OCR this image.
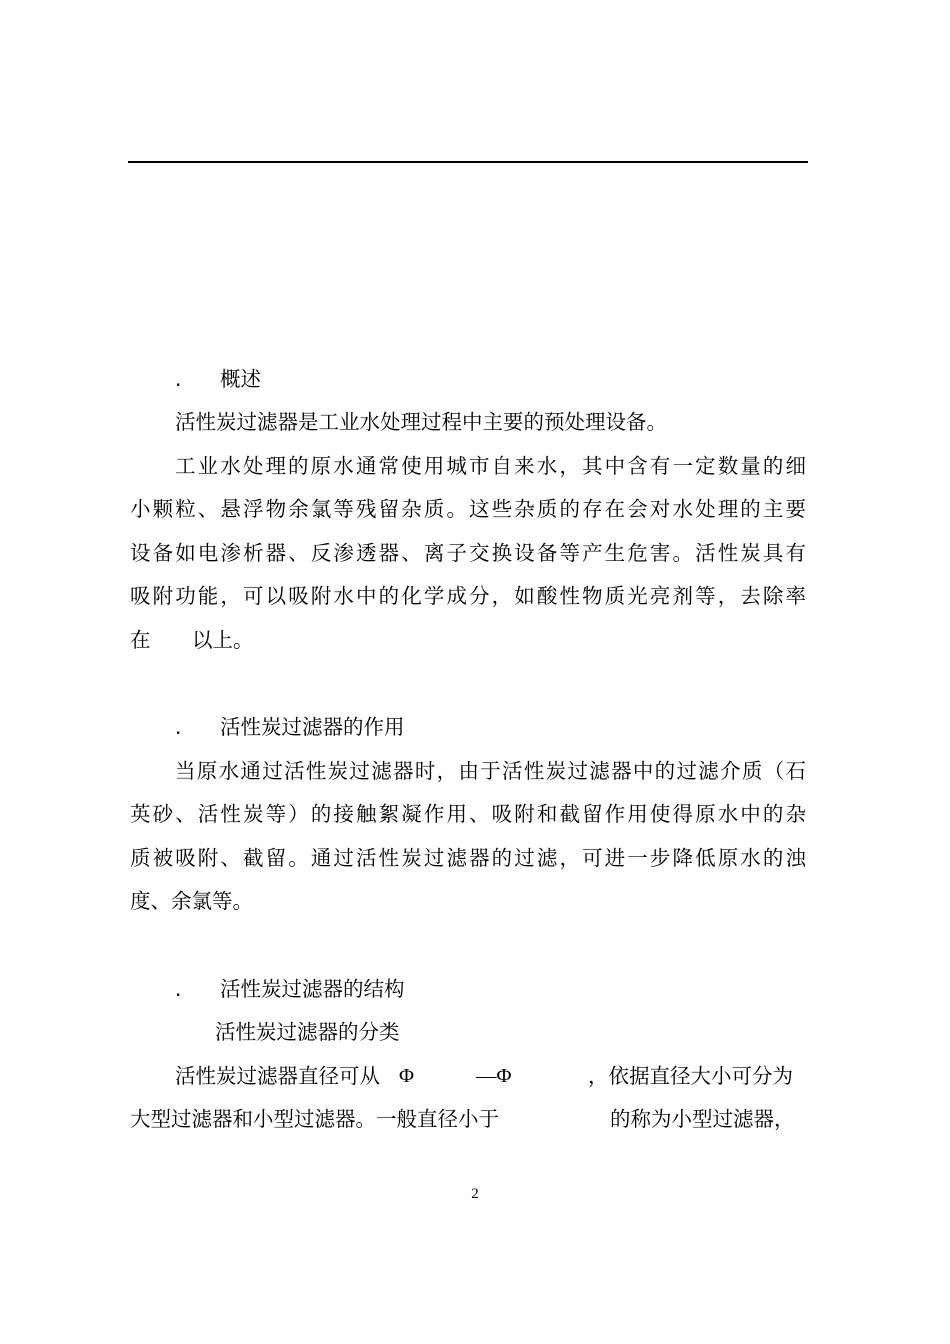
. 概述
活性炭过滤器是工业水处理过程中主要的预处理设备。
工业水处理的原水通常使用城市自来水，其中含有一定数量的细
小颗粒、悬浮物余氯等残留杂质。这些杂质的存在会对水处理的主要
设备如电渗析器、反渗透器、离子交换设备等产生危害。活性炭具有
吸附功能，可以吸附水中的化学成分，如酸性物质光亮剂等，去除率
在 以上。
. 活性炭过滤器的作用
当原水通过活性炭过滤器时，由于活性炭过滤器中的过滤介质（石
英砂、活性炭等）的接触絮凝作用、吸附和截留作用使得原水中的杂
质被吸附、截留。通过活性炭过滤器的过滤，可进一步降低原水的浊
度、余氯等。
. 活性炭过滤器的结构
活性炭过滤器的分类
活性炭过滤器直径可从 Φ	—Φ	，依据直径大小可分为
大型过滤器和小型过滤器。一般直径小于	的称为小型过滤器，
2
